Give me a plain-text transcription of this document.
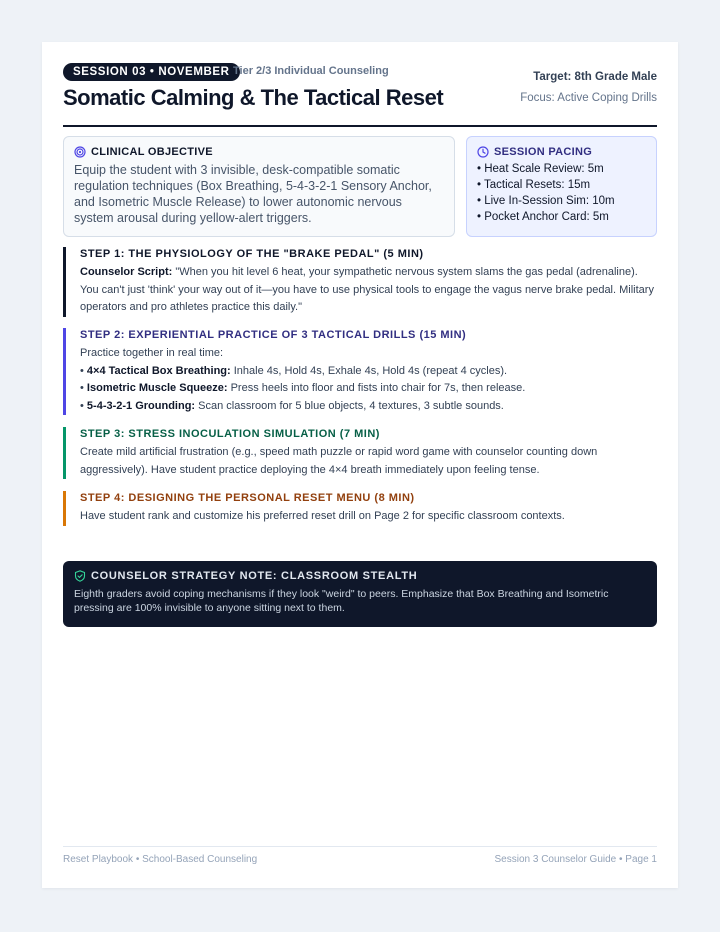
SESSION 03 • NOVEMBER Tier 2/3 Individual Counseling
Somatic Calming & The Tactical Reset
Target: 8th Grade Male
Focus: Active Coping Drills
CLINICAL OBJECTIVE

Equip the student with 3 invisible, desk-compatible somatic regulation techniques (Box Breathing, 5-4-3-2-1 Sensory Anchor, and Isometric Muscle Release) to lower autonomic nervous system arousal during yellow-alert triggers.

SESSION PACING
• Heat Scale Review: 5m
• Tactical Resets: 15m
• Live In-Session Sim: 10m
• Pocket Anchor Card: 5m
STEP 1: THE PHYSIOLOGY OF THE "BRAKE PEDAL" (5 MIN)

Counselor Script: "When you hit level 6 heat, your sympathetic nervous system slams the gas pedal (adrenaline). You can't just 'think' your way out of it—you have to use physical tools to engage the vagus nerve brake pedal. Military operators and pro athletes practice this daily."

STEP 2: EXPERIENTIAL PRACTICE OF 3 TACTICAL DRILLS (15 MIN)

Practice together in real time:

• 4×4 Tactical Box Breathing: Inhale 4s, Hold 4s, Exhale 4s, Hold 4s (repeat 4 cycles).
• Isometric Muscle Squeeze: Press heels into floor and fists into chair for 7s, then release.
• 5-4-3-2-1 Grounding: Scan classroom for 5 blue objects, 4 textures, 3 subtle sounds.
STEP 3: STRESS INOCULATION SIMULATION (7 MIN)

Create mild artificial frustration (e.g., speed math puzzle or rapid word game with counselor counting down aggressively). Have student practice deploying the 4×4 breath immediately upon feeling tense.

STEP 4: DESIGNING THE PERSONAL RESET MENU (8 MIN)

Have student rank and customize his preferred reset drill on Page 2 for specific classroom contexts.

COUNSELOR STRATEGY NOTE: CLASSROOM STEALTH

Eighth graders avoid coping mechanisms if they look "weird" to peers. Emphasize that Box Breathing and Isometric pressing are 100% invisible to anyone sitting next to them.

Reset Playbook • School-Based Counseling	Session 3 Counselor Guide • Page 1
